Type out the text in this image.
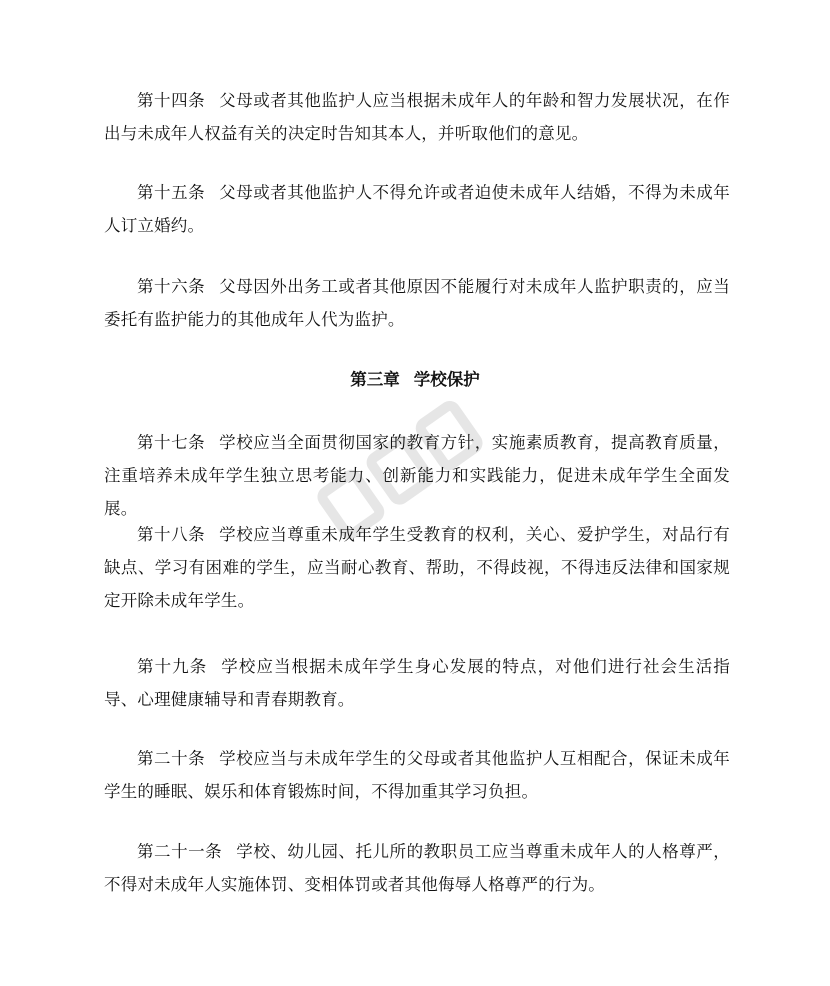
第十四条 父母或者其他监护人应当根据未成年人的年龄和智力发展状况，在作出与未成年人权益有关的决定时告知其本人，并听取他们的意见。

第十五条 父母或者其他监护人不得允许或者迫使未成年人结婚，不得为未成年人订立婚约。

第十六条 父母因外出务工或者其他原因不能履行对未成年人监护职责的，应当委托有监护能力的其他成年人代为监护。

第三章 学校保护

第十七条 学校应当全面贯彻国家的教育方针，实施素质教育，提高教育质量，注重培养未成年学生独立思考能力、创新能力和实践能力，促进未成年学生全面发展。

第十八条 学校应当尊重未成年学生受教育的权利，关心、爱护学生，对品行有缺点、学习有困难的学生，应当耐心教育、帮助，不得歧视，不得违反法律和国家规定开除未成年学生。

第十九条 学校应当根据未成年学生身心发展的特点，对他们进行社会生活指导、心理健康辅导和青春期教育。

第二十条 学校应当与未成年学生的父母或者其他监护人互相配合，保证未成年学生的睡眠、娱乐和体育锻炼时间，不得加重其学习负担。

第二十一条 学校、幼儿园、托儿所的教职员工应当尊重未成年人的人格尊严，不得对未成年人实施体罚、变相体罚或者其他侮辱人格尊严的行为。
